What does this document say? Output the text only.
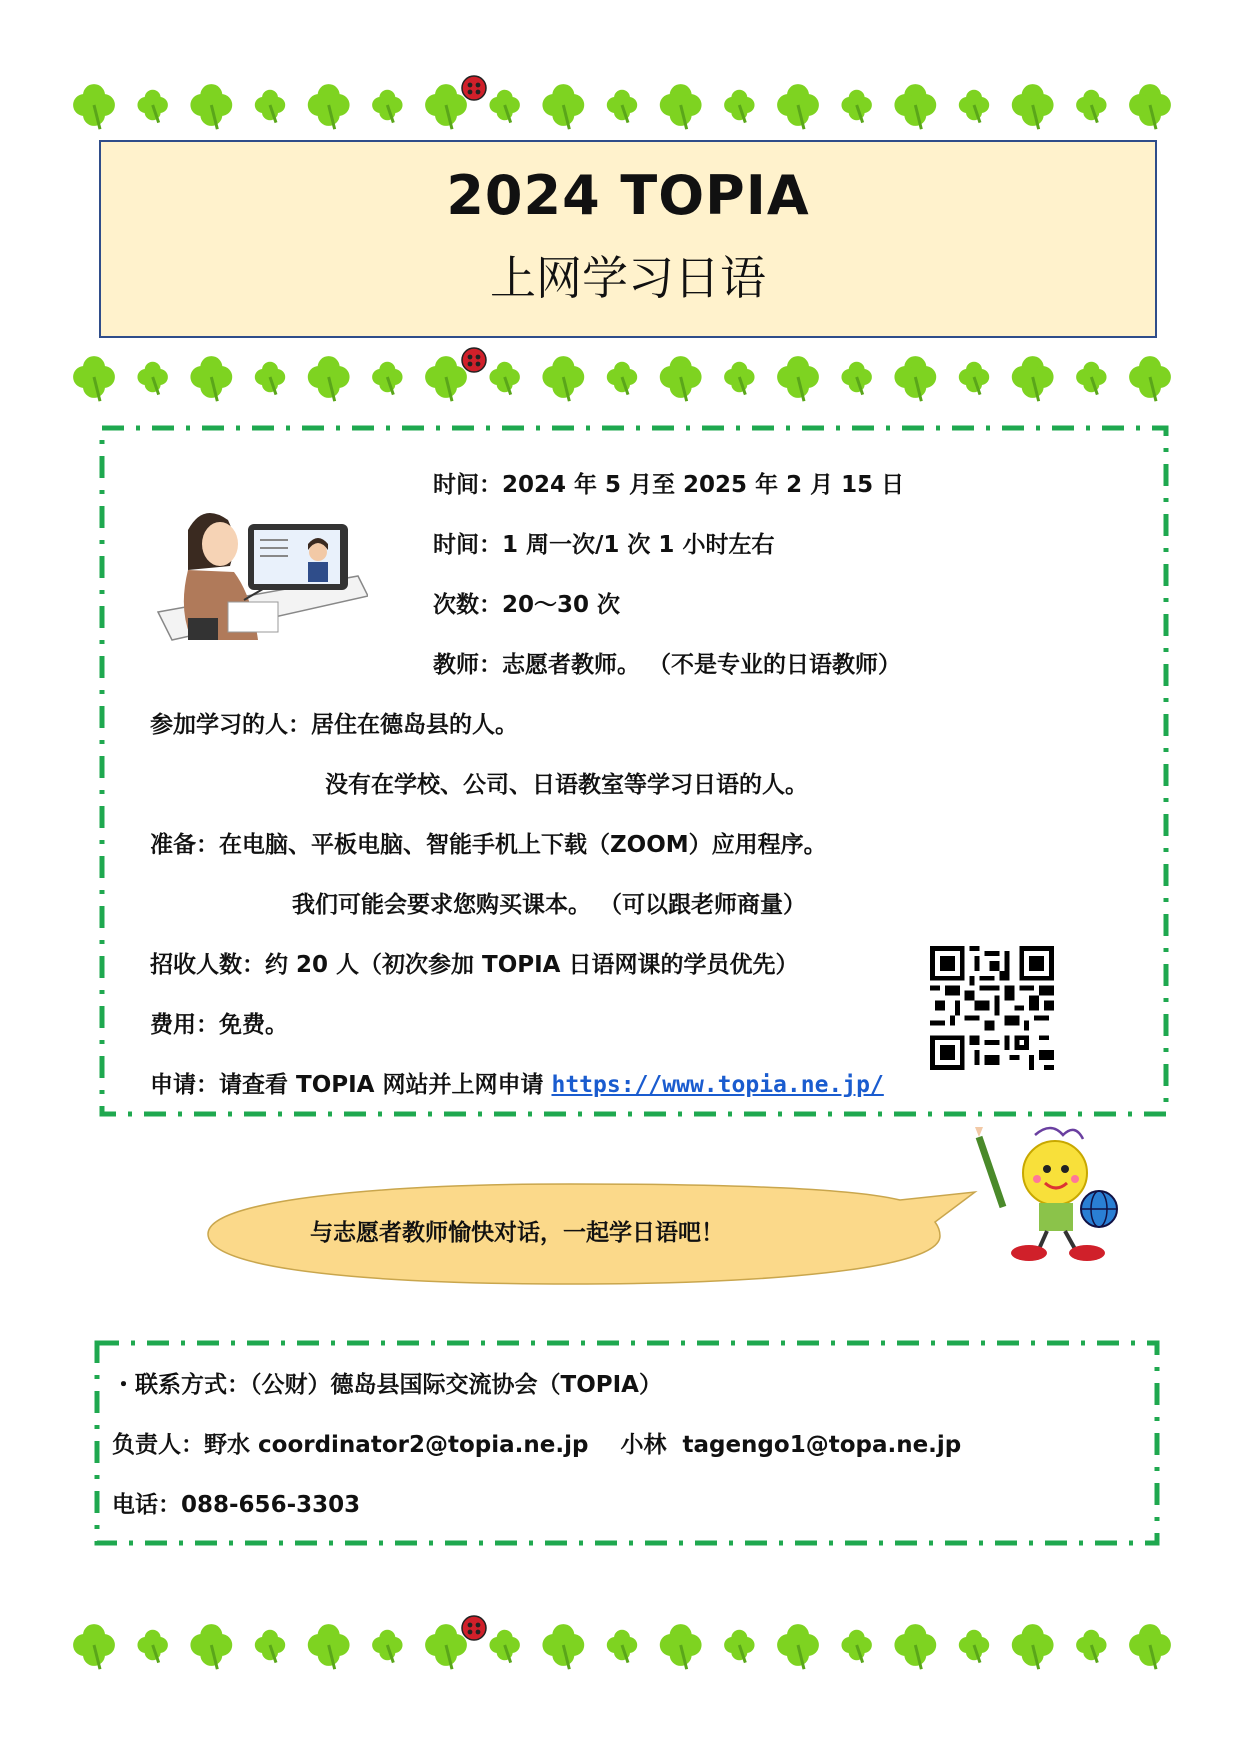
2024 TOPIA
上网学习日语
时间：2024 年 5 月至 2025 年 2 月 15 日
时间：1 周一次/1 次 1 小时左右
次数：20〜30 次
教师：志愿者教师。 （不是专业的日语教师）
参加学习的人：居住在德岛县的人。
没有在学校、公司、日语教室等学习日语的人。
准备：在电脑、平板电脑、智能手机上下载（ZOOM）应用程序。
我们可能会要求您购买课本。 （可以跟老师商量）
招收人数：约 20 人（初次参加 TOPIA 日语网课的学员优先）
费用：免费。
申请：请查看 TOPIA 网站并上网申请 https://www.topia.ne.jp/
与志愿者教师愉快对话，一起学日语吧！
・联系方式：（公财）德岛县国际交流协会（TOPIA）
负责人：野水 coordinator2@topia.ne.jp    小林  tagengo1@topa.ne.jp
电话：088-656-3303
